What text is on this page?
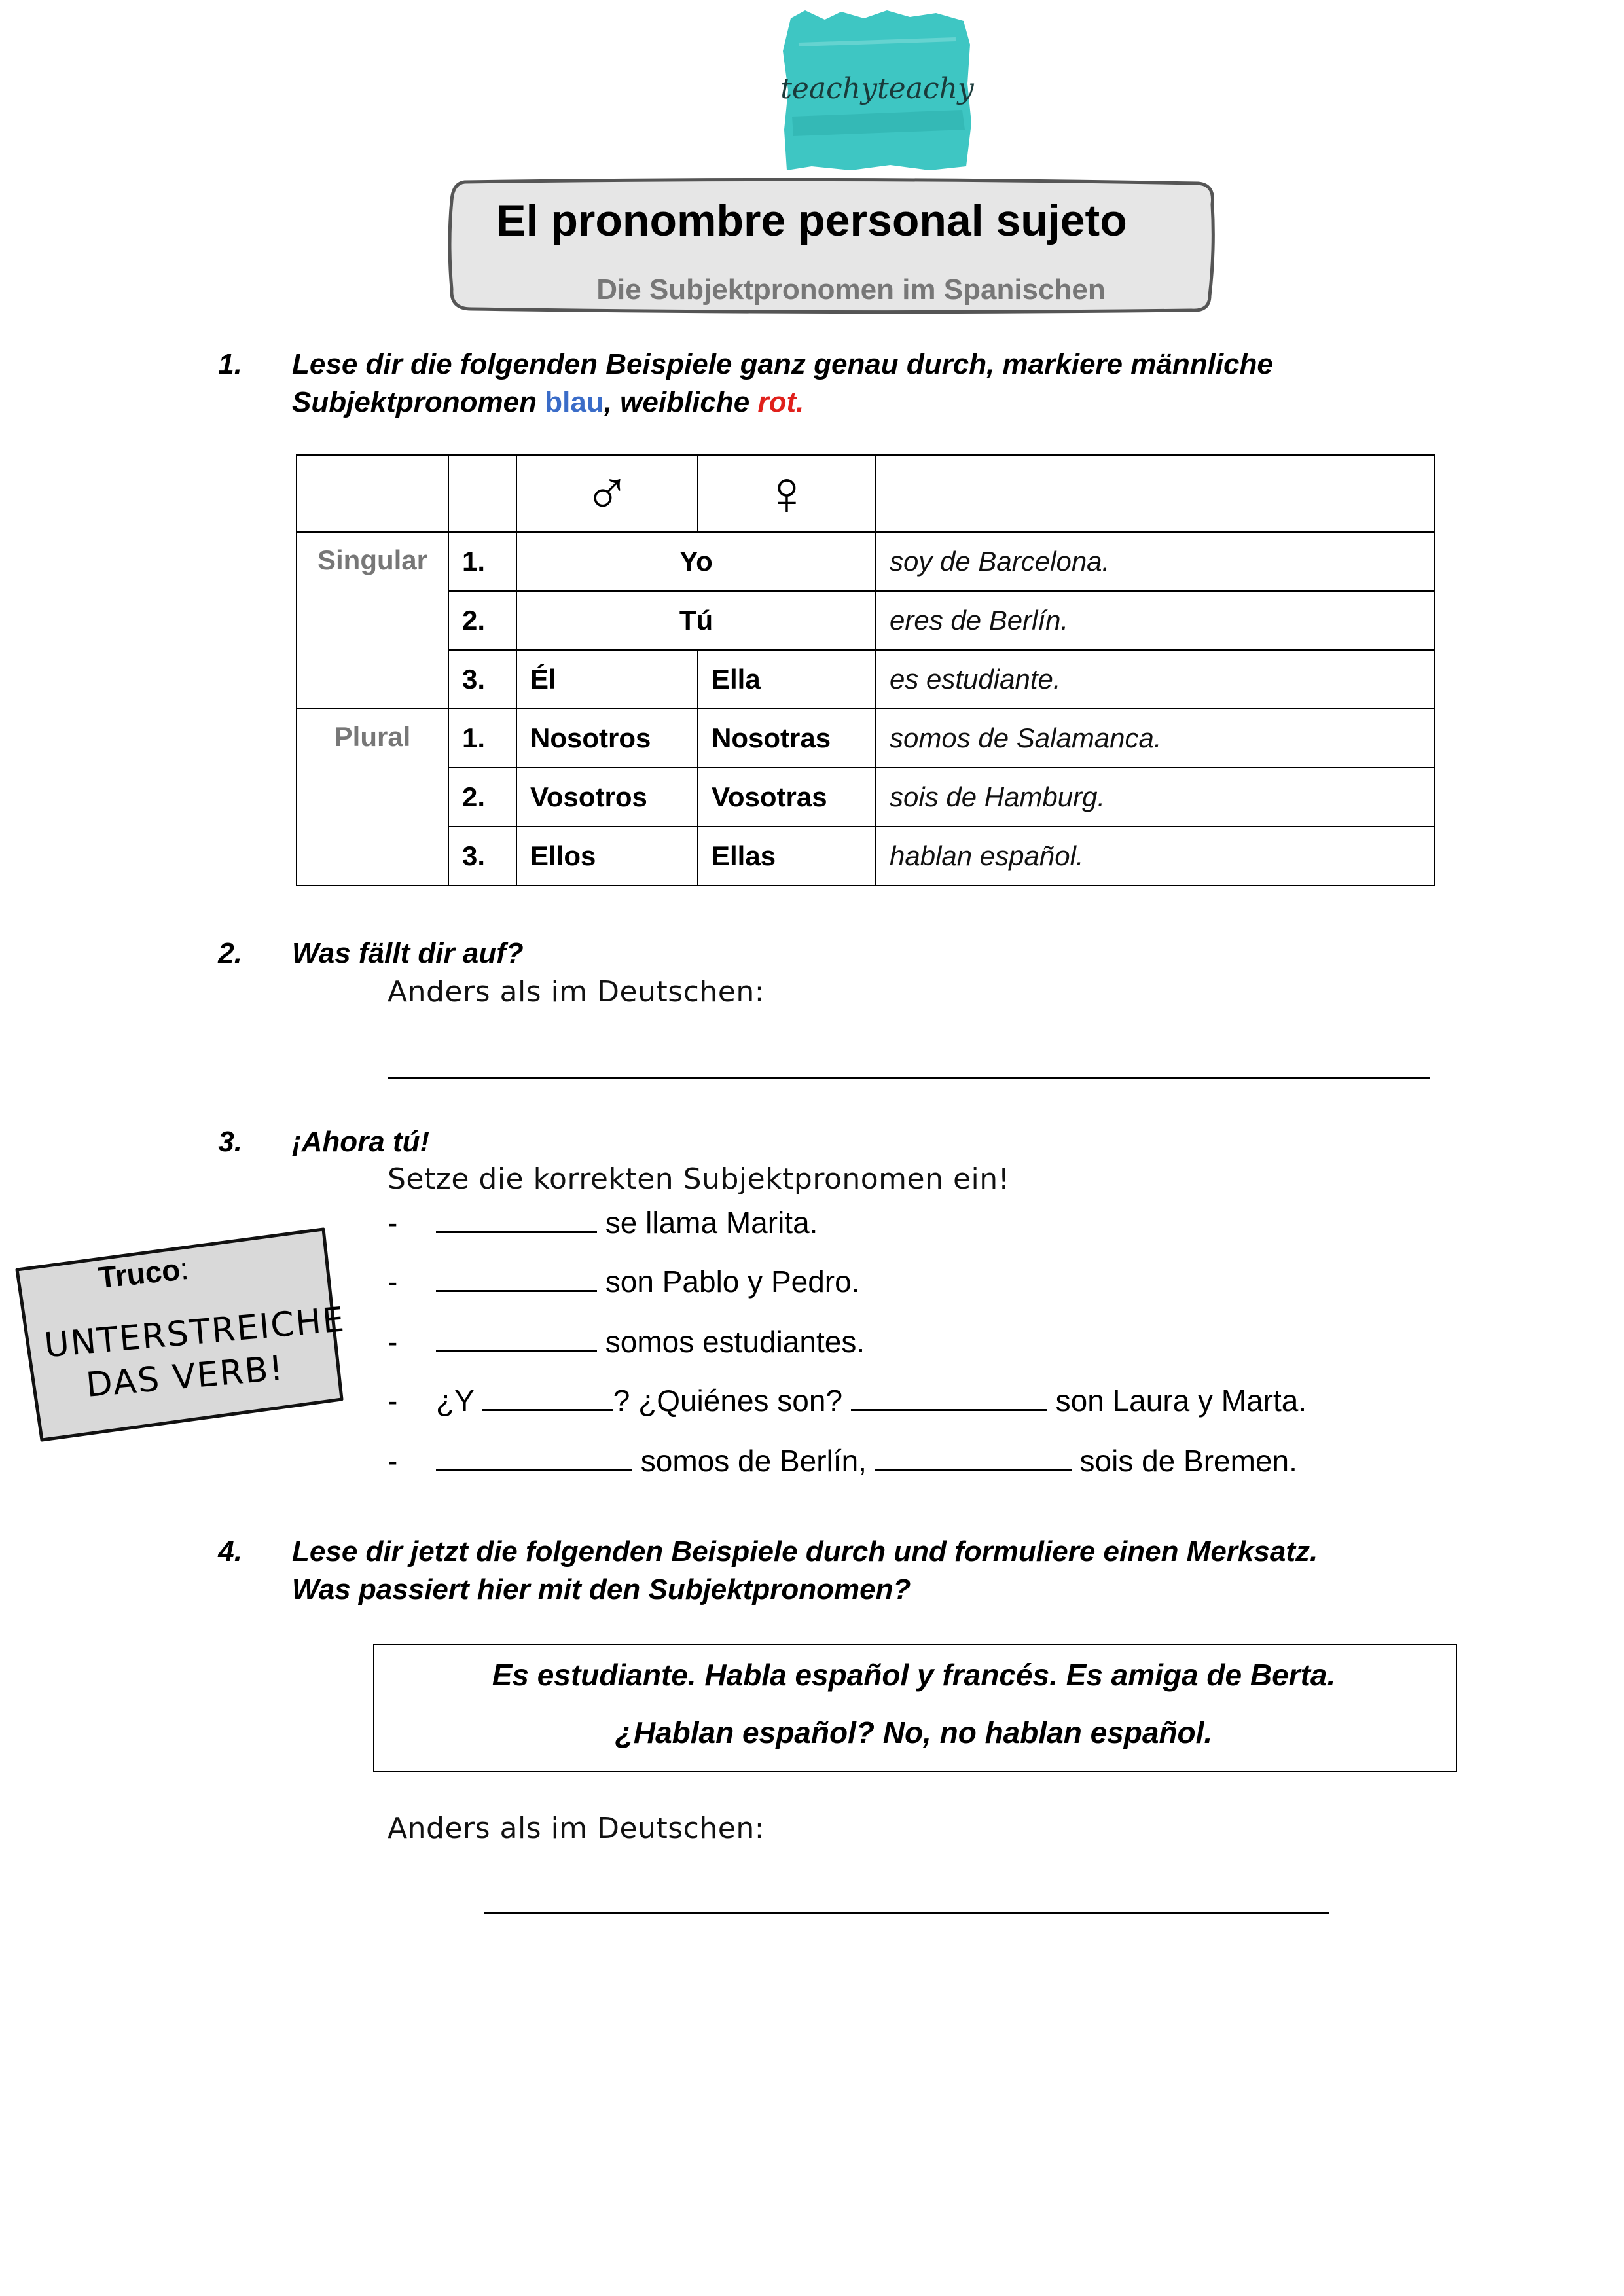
teachyteachy
El pronombre personal sujeto
Die Subjektpronomen im Spanischen
1. Lese dir die folgenden Beispiele ganz genau durch, markiere männliche
Subjektpronomen blau, weibliche rot.
		♂	♀	
Singular	1.	Yo		soy de Barcelona.
	2.	Tú		eres de Berlín.
	3.	Él	Ella	es estudiante.
Plural	1.	Nosotros	Nosotras	somos de Salamanca.
	2.	Vosotros	Vosotras	sois de Hamburg.
	3.	Ellos	Ellas	hablan español.
2. Was fällt dir auf?
Anders als im Deutschen:
3. ¡Ahora tú!
Setze die korrekten Subjektpronomen ein!
-	se llama Marita.
-	son Pablo y Pedro.
-	somos estudiantes.
- ¿Y	? ¿Quiénes son?	son Laura y Marta.
-	somos de Berlín,	sois de Bremen.
Truco:
UNTERSTREICHE
DAS VERB!
4. Lese dir jetzt die folgenden Beispiele durch und formuliere einen Merksatz.
Was passiert hier mit den Subjektpronomen?
Es estudiante. Habla español y francés. Es amiga de Berta.
¿Hablan español? No, no hablan español.
Anders als im Deutschen:
